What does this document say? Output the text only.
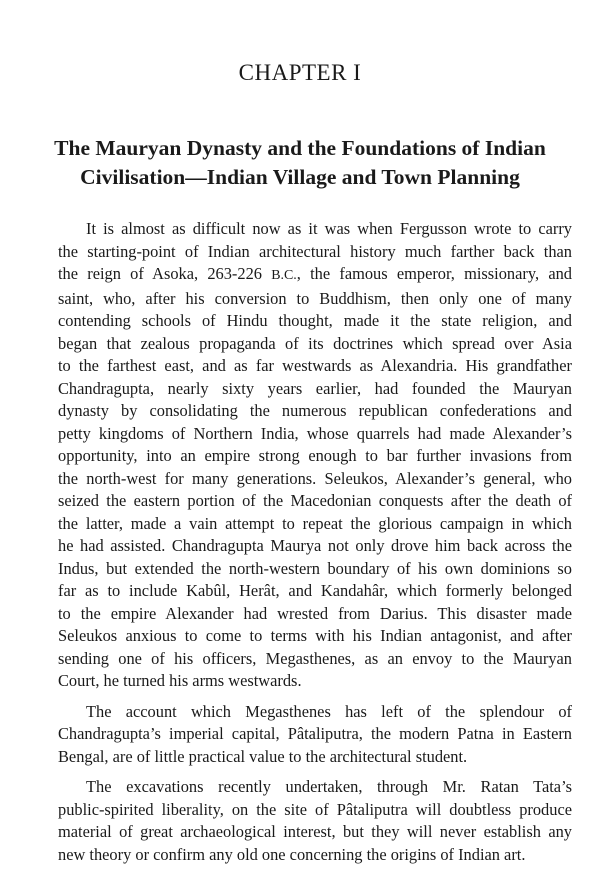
CHAPTER I
The Mauryan Dynasty and the Foundations of Indian
Civilisation—Indian Village and Town Planning

It is almost as difficult now as it was when Fergusson wrote to carry
the starting-point of Indian architectural history much farther back than
the reign of Asoka, 263-226 B.C., the famous emperor, missionary, and
saint, who, after his conversion to Buddhism, then only one of many
contending schools of Hindu thought, made it the state religion, and
began that zealous propaganda of its doctrines which spread over Asia
to the farthest east, and as far westwards as Alexandria. His grandfather
Chandragupta, nearly sixty years earlier, had founded the Mauryan
dynasty by consolidating the numerous republican confederations and
petty kingdoms of Northern India, whose quarrels had made Alexander’s
opportunity, into an empire strong enough to bar further invasions from
the north-west for many generations. Seleukos, Alexander’s general, who
seized the eastern portion of the Macedonian conquests after the death of
the latter, made a vain attempt to repeat the glorious campaign in which
he had assisted. Chandragupta Maurya not only drove him back across the
Indus, but extended the north-western boundary of his own dominions so
far as to include Kabûl, Herât, and Kandahâr, which formerly belonged
to the empire Alexander had wrested from Darius. This disaster made
Seleukos anxious to come to terms with his Indian antagonist, and after
sending one of his officers, Megasthenes, as an envoy to the Mauryan
Court, he turned his arms westwards.

The account which Megasthenes has left of the splendour of
Chandragupta’s imperial capital, Pâtaliputra, the modern Patna in Eastern
Bengal, are of little practical value to the architectural student.

The excavations recently undertaken, through Mr. Ratan Tata’s
public-spirited liberality, on the site of Pâtaliputra will doubtless produce
material of great archaeological interest, but they will never establish any
new theory or confirm any old one concerning the origins of Indian art.
